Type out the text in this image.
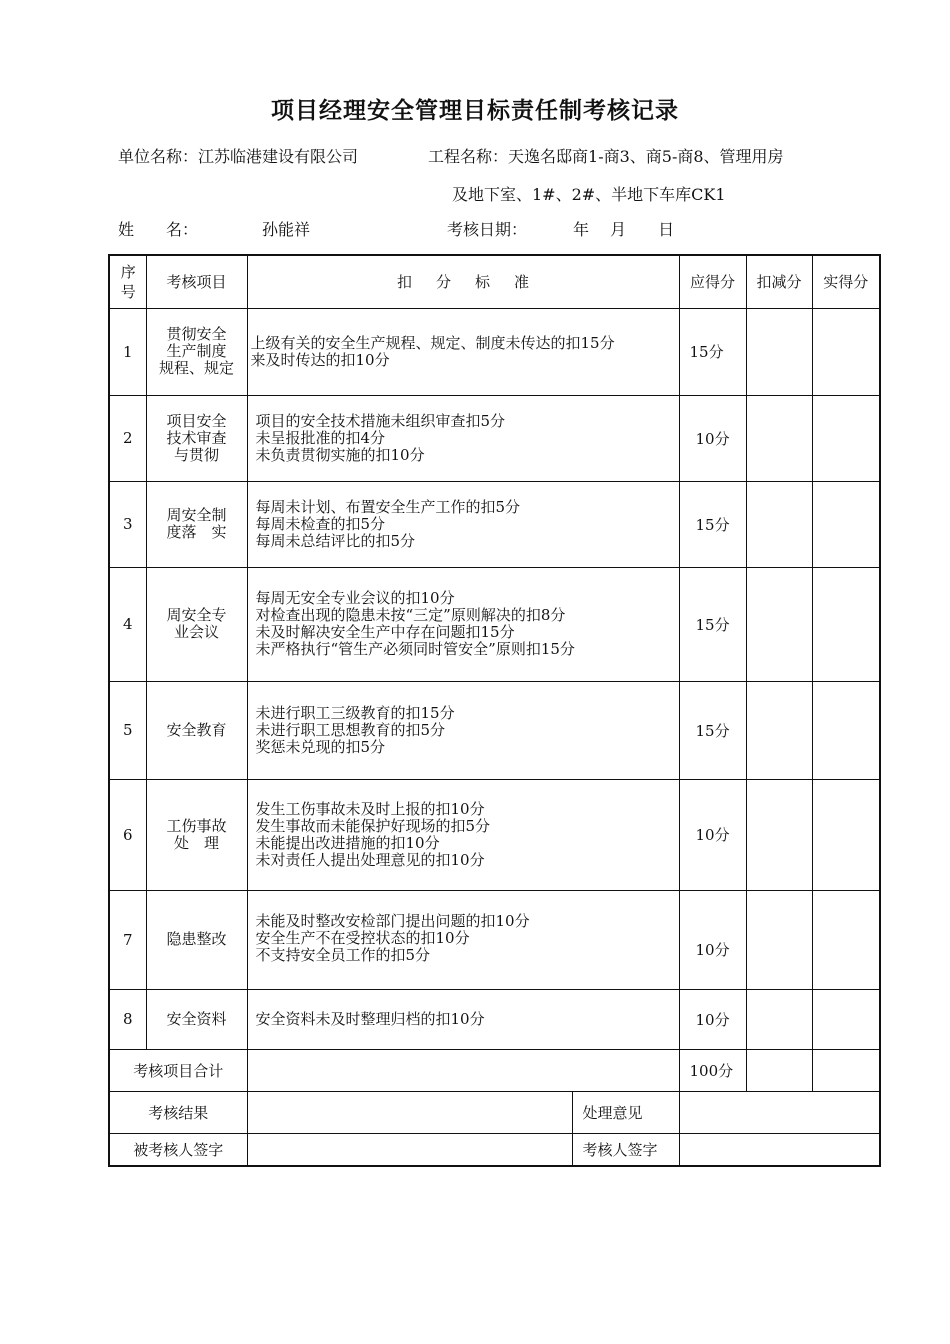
项目经理安全管理目标责任制考核记录
单位名称：江苏临港建设有限公司	工程名称：天逸名邸商1-商3、商5-商8、管理用房
及地下室、1#、2#、半地下车库CK1
姓　　名：	孙能祥	考核日期：	年　 月　　日
序号	考核项目	扣 分 标 准		应得分	扣减分	实得分
1	贯彻安全
生产制度
规程、规定	上级有关的安全生产规程、规定、制度未传达的扣15分
来及时传达的扣10分		15分		
2	项目安全
技术审查
与贯彻	项目的安全技术措施未组织审查扣5分
未呈报批准的扣4分
未负责贯彻实施的扣10分		10分		
3	周安全制
度落　实	每周未计划、布置安全生产工作的扣5分
每周未检查的扣5分
每周未总结评比的扣5分		15分		
4	周安全专
业会议	每周无安全专业会议的扣10分
对检查出现的隐患未按“三定”原则解决的扣8分
未及时解决安全生产中存在问题扣15分
未严格执行“管生产必须同时管安全”原则扣15分		15分		
5	安全教育	未进行职工三级教育的扣15分
未进行职工思想教育的扣5分
奖惩未兑现的扣5分		15分		
6	工伤事故
处　理	发生工伤事故未及时上报的扣10分
发生事故而未能保护好现场的扣5分
未能提出改进措施的扣10分
未对责任人提出处理意见的扣10分		10分		
7	隐患整改	未能及时整改安检部门提出问题的扣10分
安全生产不在受控状态的扣10分
不支持安全员工作的扣5分		10分		
8	安全资料	安全资料未及时整理归档的扣10分		10分		
考核项目合计				100分		
考核结果			处理意见			
被考核人签字			考核人签字			
